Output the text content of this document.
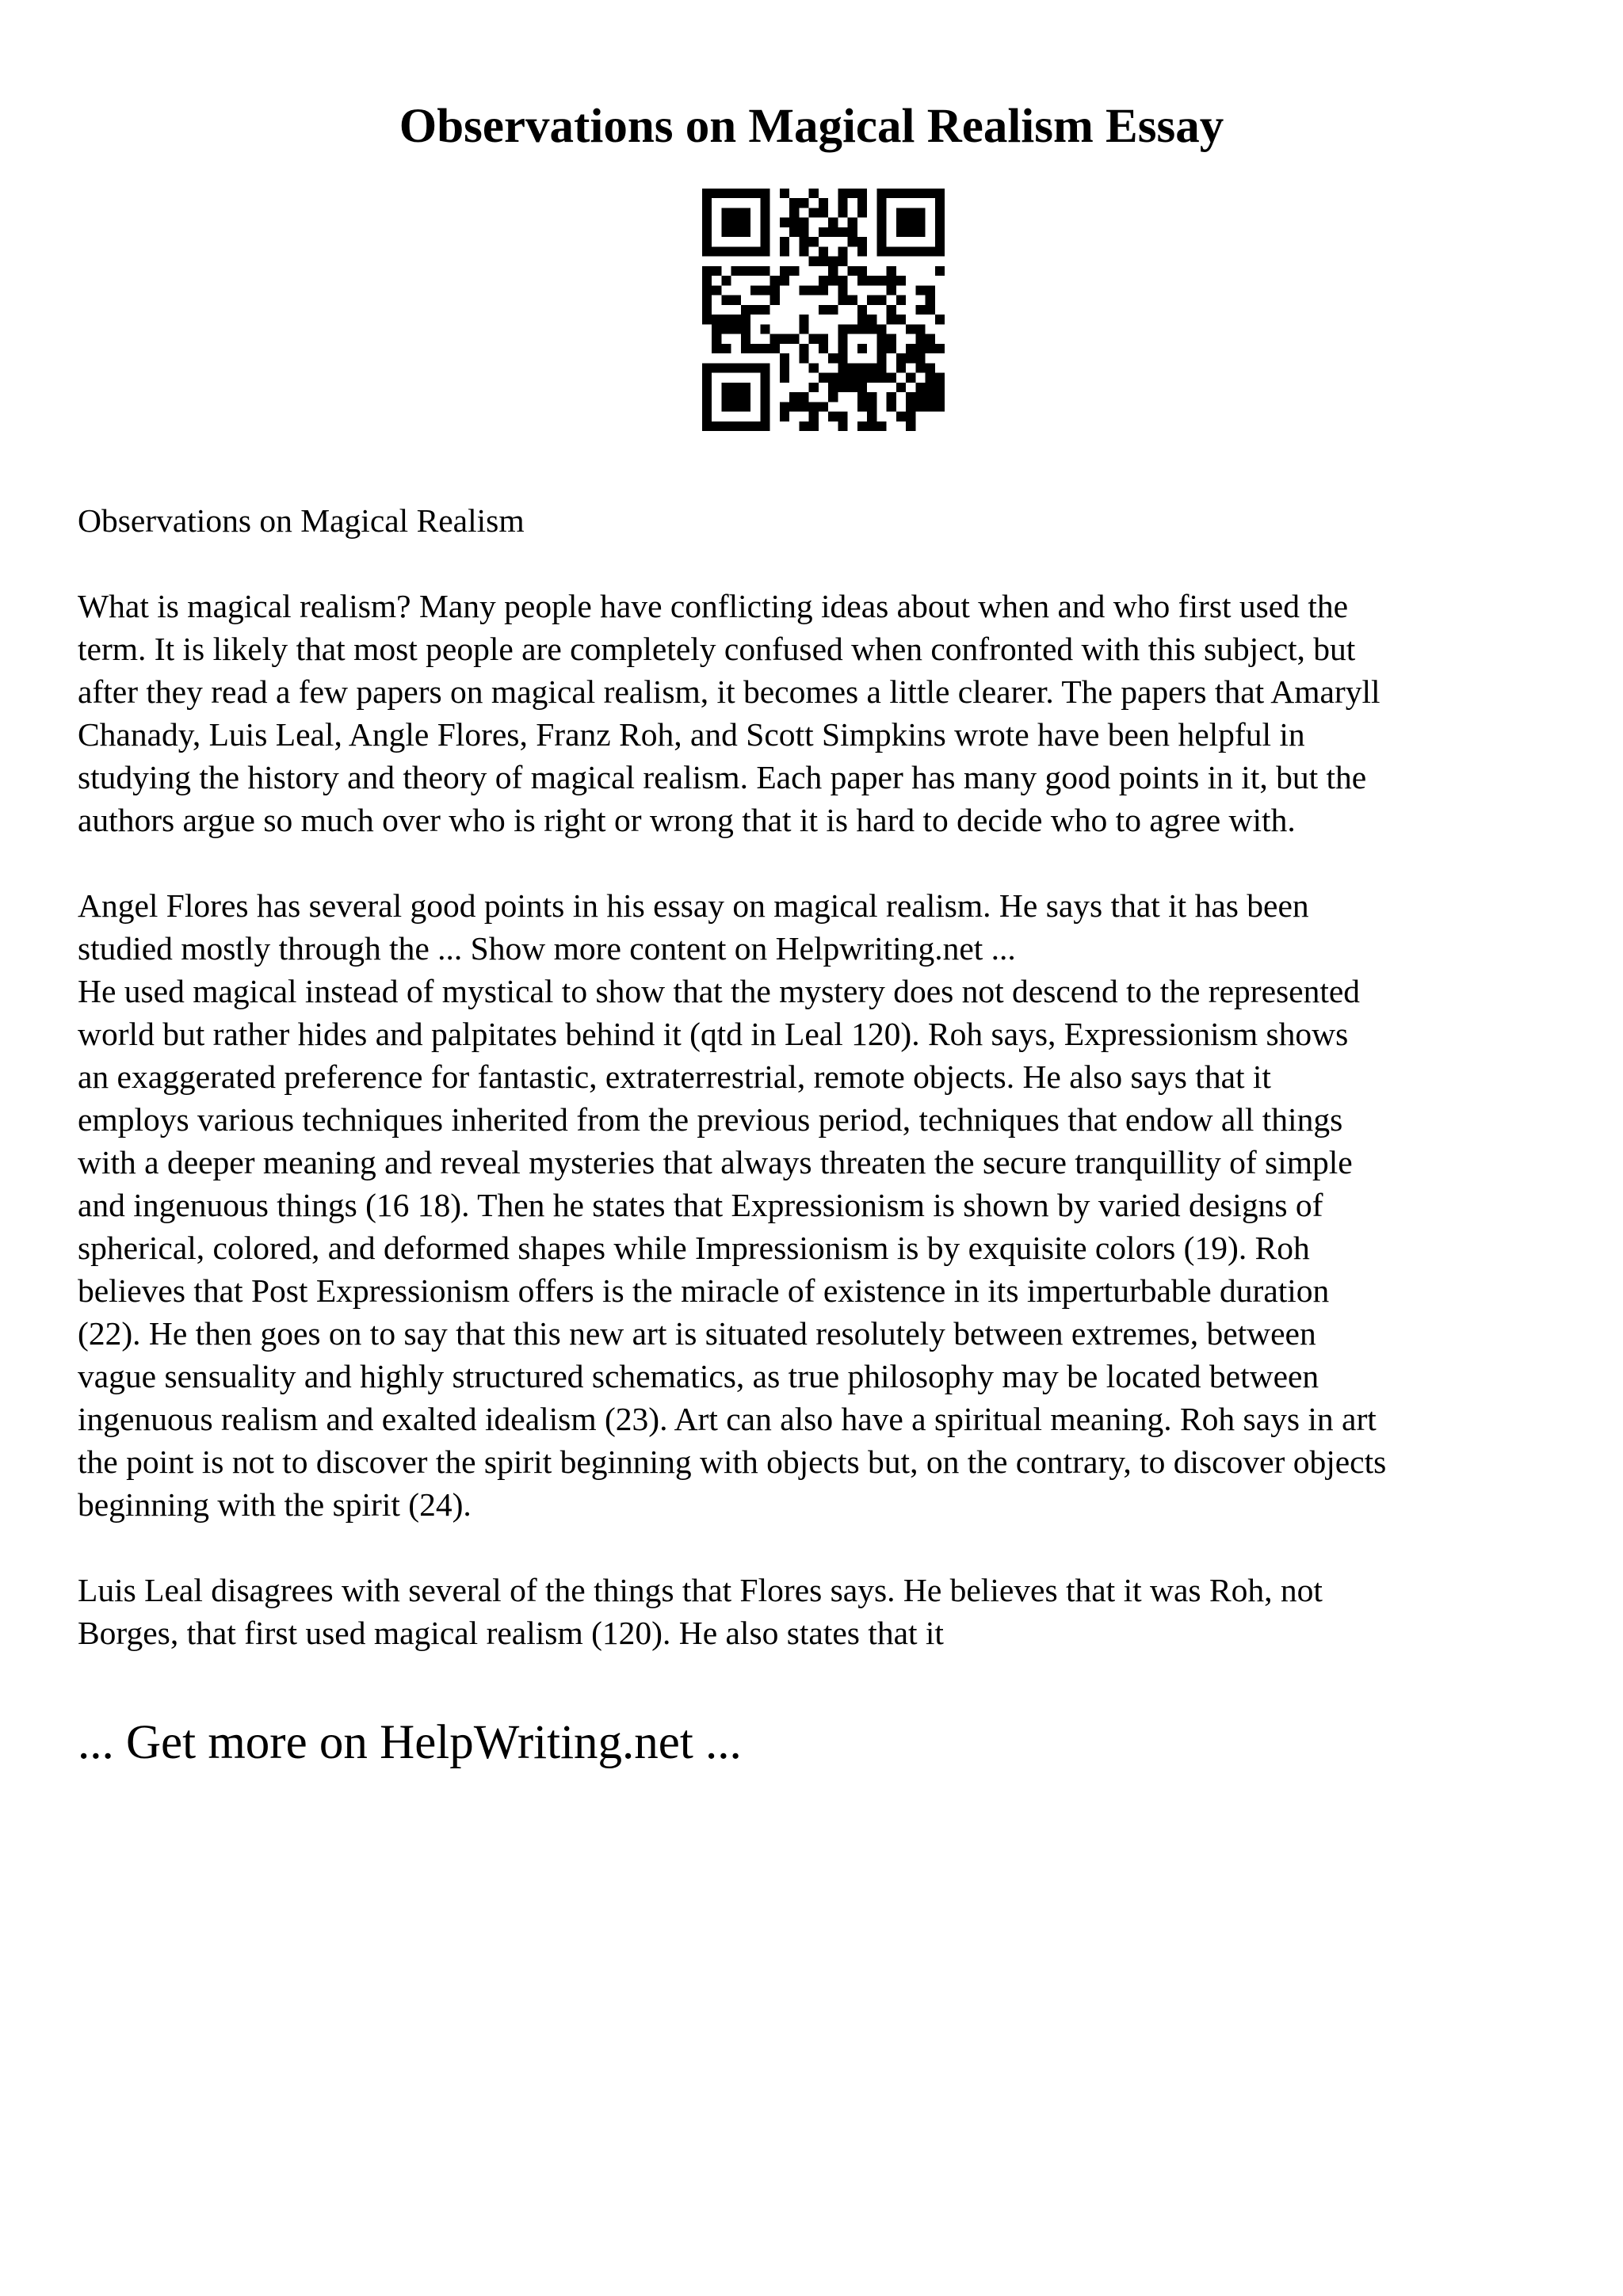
Observations on Magical Realism Essay

Observations on Magical Realism

What is magical realism? Many people have conflicting ideas about when and who first used the

term. It is likely that most people are completely confused when confronted with this subject, but

after they read a few papers on magical realism, it becomes a little clearer. The papers that Amaryll

Chanady, Luis Leal, Angle Flores, Franz Roh, and Scott Simpkins wrote have been helpful in

studying the history and theory of magical realism. Each paper has many good points in it, but the

authors argue so much over who is right or wrong that it is hard to decide who to agree with.

Angel Flores has several good points in his essay on magical realism. He says that it has been

studied mostly through the ... Show more content on Helpwriting.net ...

He used magical instead of mystical to show that the mystery does not descend to the represented

world but rather hides and palpitates behind it (qtd in Leal 120). Roh says, Expressionism shows

an exaggerated preference for fantastic, extraterrestrial, remote objects. He also says that it

employs various techniques inherited from the previous period, techniques that endow all things

with a deeper meaning and reveal mysteries that always threaten the secure tranquillity of simple

and ingenuous things (16 18). Then he states that Expressionism is shown by varied designs of

spherical, colored, and deformed shapes while Impressionism is by exquisite colors (19). Roh

believes that Post Expressionism offers is the miracle of existence in its imperturbable duration

(22). He then goes on to say that this new art is situated resolutely between extremes, between

vague sensuality and highly structured schematics, as true philosophy may be located between

ingenuous realism and exalted idealism (23). Art can also have a spiritual meaning. Roh says in art

the point is not to discover the spirit beginning with objects but, on the contrary, to discover objects

beginning with the spirit (24).

Luis Leal disagrees with several of the things that Flores says. He believes that it was Roh, not

Borges, that first used magical realism (120). He also states that it

... Get more on HelpWriting.net ...
